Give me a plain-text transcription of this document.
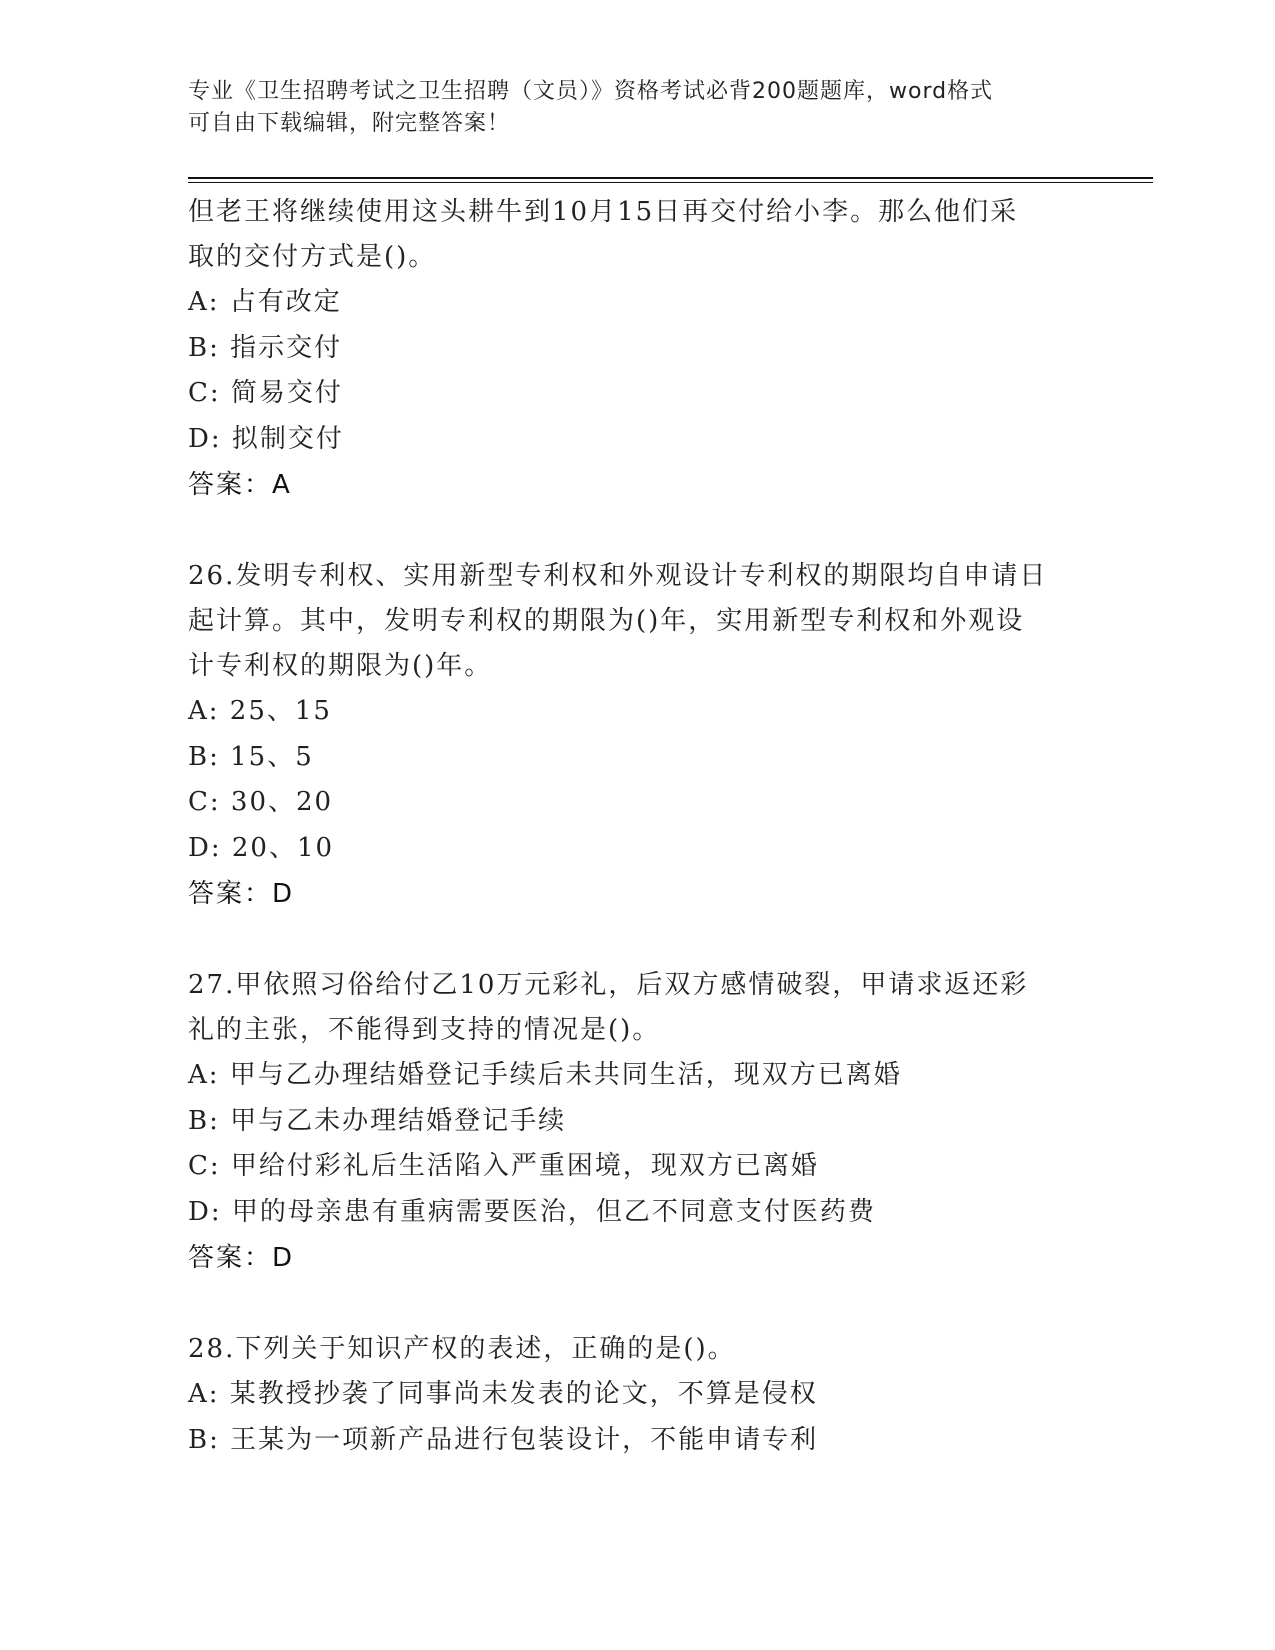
专业《卫生招聘考试之卫生招聘（文员）》资格考试必背200题题库，word格式
可自由下载编辑，附完整答案！

但老王将继续使用这头耕牛到10月15日再交付给小李。那么他们采

取的交付方式是()。

A: 占有改定

B: 指示交付

C: 简易交付

D: 拟制交付

答案：A

26.发明专利权、实用新型专利权和外观设计专利权的期限均自申请日

起计算。其中，发明专利权的期限为()年，实用新型专利权和外观设

计专利权的期限为()年。

A: 25、15

B: 15、5

C: 30、20

D: 20、10

答案：D

27.甲依照习俗给付乙10万元彩礼，后双方感情破裂，甲请求返还彩

礼的主张，不能得到支持的情况是()。

A: 甲与乙办理结婚登记手续后未共同生活，现双方已离婚

B: 甲与乙未办理结婚登记手续

C: 甲给付彩礼后生活陷入严重困境，现双方已离婚

D: 甲的母亲患有重病需要医治，但乙不同意支付医药费

答案：D

28.下列关于知识产权的表述，正确的是()。

A: 某教授抄袭了同事尚未发表的论文，不算是侵权

B: 王某为一项新产品进行包装设计，不能申请专利
